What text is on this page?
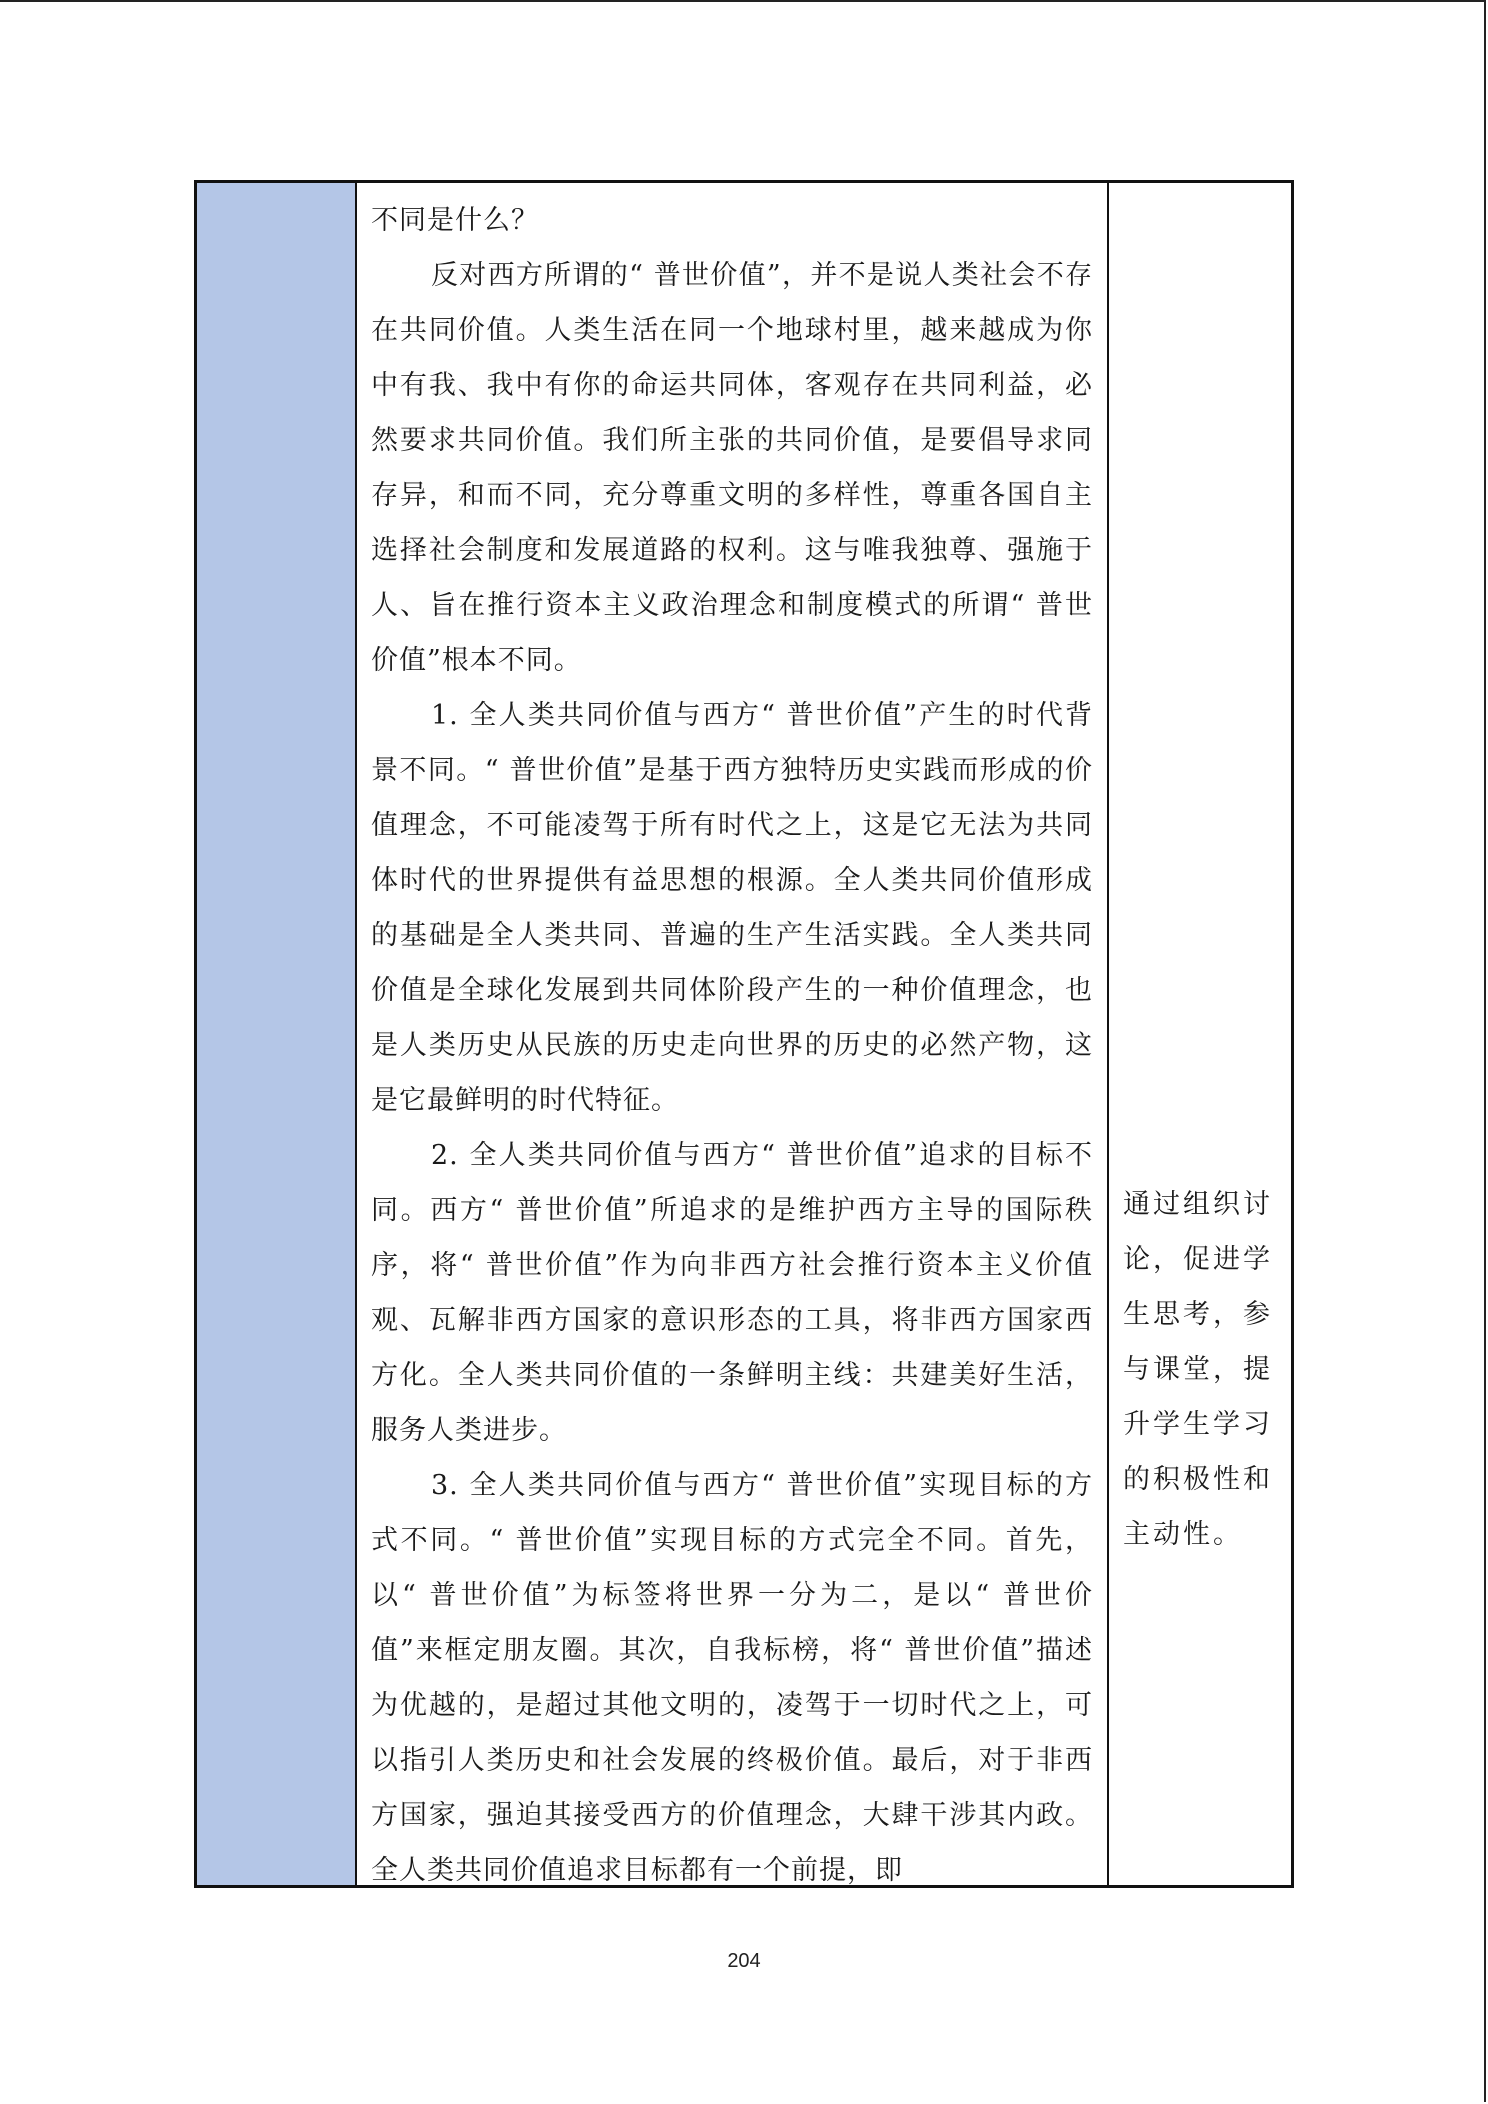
不同是什么？

反对西方所谓的“ 普世价值”，并不是说人类社会不存在共同价值。人类生活在同一个地球村里，越来越成为你中有我、我中有你的命运共同体，客观存在共同利益，必然要求共同价值。我们所主张的共同价值，是要倡导求同存异，和而不同，充分尊重文明的多样性，尊重各国自主选择社会制度和发展道路的权利。这与唯我独尊、强施于人、旨在推行资本主义政治理念和制度模式的所谓“ 普世价值”根本不同。

1. 全人类共同价值与西方“ 普世价值”产生的时代背景不同。“ 普世价值”是基于西方独特历史实践而形成的价值理念，不可能凌驾于所有时代之上，这是它无法为共同体时代的世界提供有益思想的根源。全人类共同价值形成的基础是全人类共同、普遍的生产生活实践。全人类共同价值是全球化发展到共同体阶段产生的一种价值理念，也是人类历史从民族的历史走向世界的历史的必然产物，这是它最鲜明的时代特征。

2. 全人类共同价值与西方“ 普世价值”追求的目标不同。西方“ 普世价值”所追求的是维护西方主导的国际秩序，将“ 普世价值”作为向非西方社会推行资本主义价值观、瓦解非西方国家的意识形态的工具，将非西方国家西方化。全人类共同价值的一条鲜明主线：共建美好生活，服务人类进步。

3. 全人类共同价值与西方“ 普世价值”实现目标的方式不同。“ 普世价值”实现目标的方式完全不同。首先，以“ 普世价值”为标签将世界一分为二，是以“ 普世价值”来框定朋友圈。其次，自我标榜，将“ 普世价值”描述为优越的，是超过其他文明的，凌驾于一切时代之上，可以指引人类历史和社会发展的终极价值。最后，对于非西方国家，强迫其接受西方的价值理念，大肆干涉其内政。全人类共同价值追求目标都有一个前提，即

通过组织讨论，促进学生思考，参与课堂，提升学生学习的积极性和主动性。

204
